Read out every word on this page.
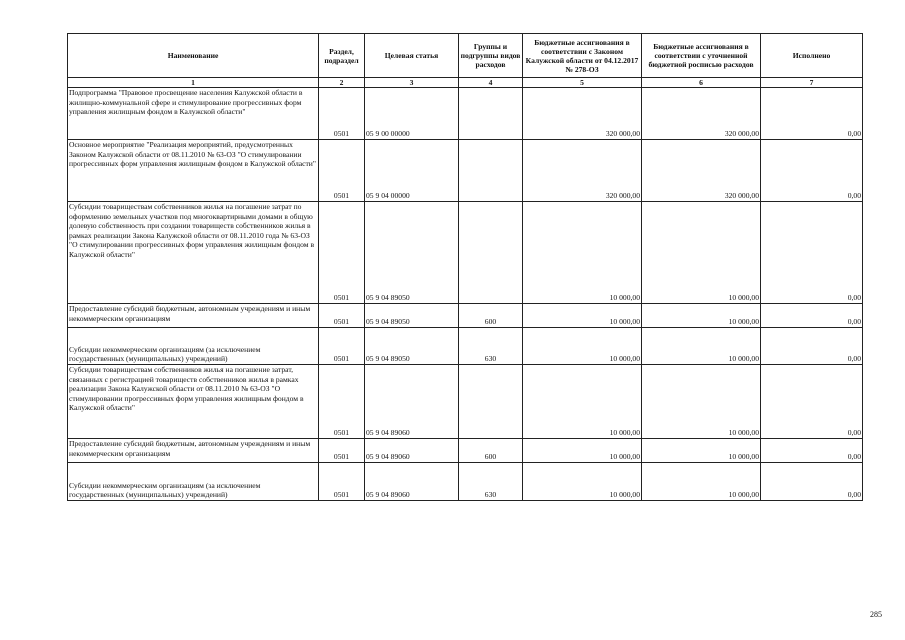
Наименование	Раздел, подраздел	Целевая статья	Группы и подгруппы видов расходов	Бюджетные ассигнования в соответствии с Законом Калужской области от 04.12.2017 № 278-ОЗ	Бюджетные ассигнования в соответствии с уточненной бюджетной росписью расходов	Исполнено
1	2	3	4	5	6	7
Подпрограмма "Правовое просвещение населения Калужской области в жилищно-коммунальной сфере и стимулирование прогрессивных форм управления жилищным фондом в Калужской области"	0501	05 9 00 00000		320 000,00	320 000,00	0,00
Основное мероприятие "Реализация мероприятий, предусмотренных Законом Калужской области от 08.11.2010 № 63-ОЗ "О стимулировании прогрессивных форм управления жилищным фондом в Калужской области"	0501	05 9 04 00000		320 000,00	320 000,00	0,00
Субсидии товариществам собственников жилья на погашение затрат по оформлению земельных участков под многоквартирными домами в общую долевую собственность при создании товариществ собственников жилья в рамках реализации Закона Калужской области от 08.11.2010 года № 63-ОЗ "О стимулировании прогрессивных форм управления жилищным фондом в Калужской области"	0501	05 9 04 89050		10 000,00	10 000,00	0,00
Предоставление субсидий бюджетным, автономным учреждениям и иным некоммерческим организациям	0501	05 9 04 89050	600	10 000,00	10 000,00	0,00
Субсидии некоммерческим организациям (за исключением государственных (муниципальных) учреждений)	0501	05 9 04 89050	630	10 000,00	10 000,00	0,00
Субсидии товариществам собственников жилья на погашение затрат, связанных с регистрацией товариществ собственников жилья в рамках реализации Закона Калужской области от 08.11.2010 № 63-ОЗ "О стимулировании прогрессивных форм управления жилищным фондом в Калужской области"	0501	05 9 04 89060		10 000,00	10 000,00	0,00
Предоставление субсидий бюджетным, автономным учреждениям и иным некоммерческим организациям	0501	05 9 04 89060	600	10 000,00	10 000,00	0,00
Субсидии некоммерческим организациям (за исключением государственных (муниципальных) учреждений)	0501	05 9 04 89060	630	10 000,00	10 000,00	0,00
285
